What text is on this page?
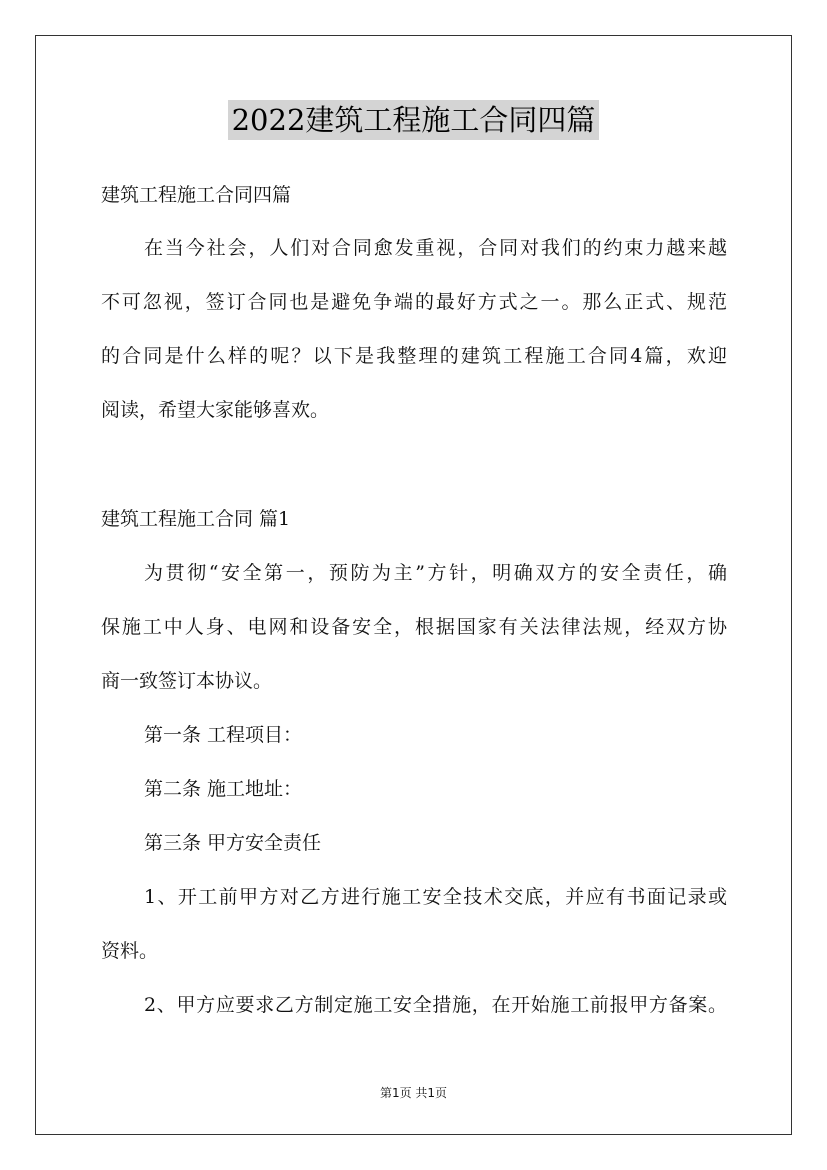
2022建筑工程施工合同四篇
建筑工程施工合同四篇
在当今社会，人们对合同愈发重视，合同对我们的约束力越来越
不可忽视，签订合同也是避免争端的最好方式之一。那么正式、规范
的合同是什么样的呢？以下是我整理的建筑工程施工合同4篇，欢迎
阅读，希望大家能够喜欢。
建筑工程施工合同 篇1
为贯彻“安全第一，预防为主”方针，明确双方的安全责任，确
保施工中人身、电网和设备安全，根据国家有关法律法规，经双方协
商一致签订本协议。
第一条 工程项目：
第二条 施工地址：
第三条 甲方安全责任
1、开工前甲方对乙方进行施工安全技术交底，并应有书面记录或
资料。
2、甲方应要求乙方制定施工安全措施，在开始施工前报甲方备案。
第1页 共1页
